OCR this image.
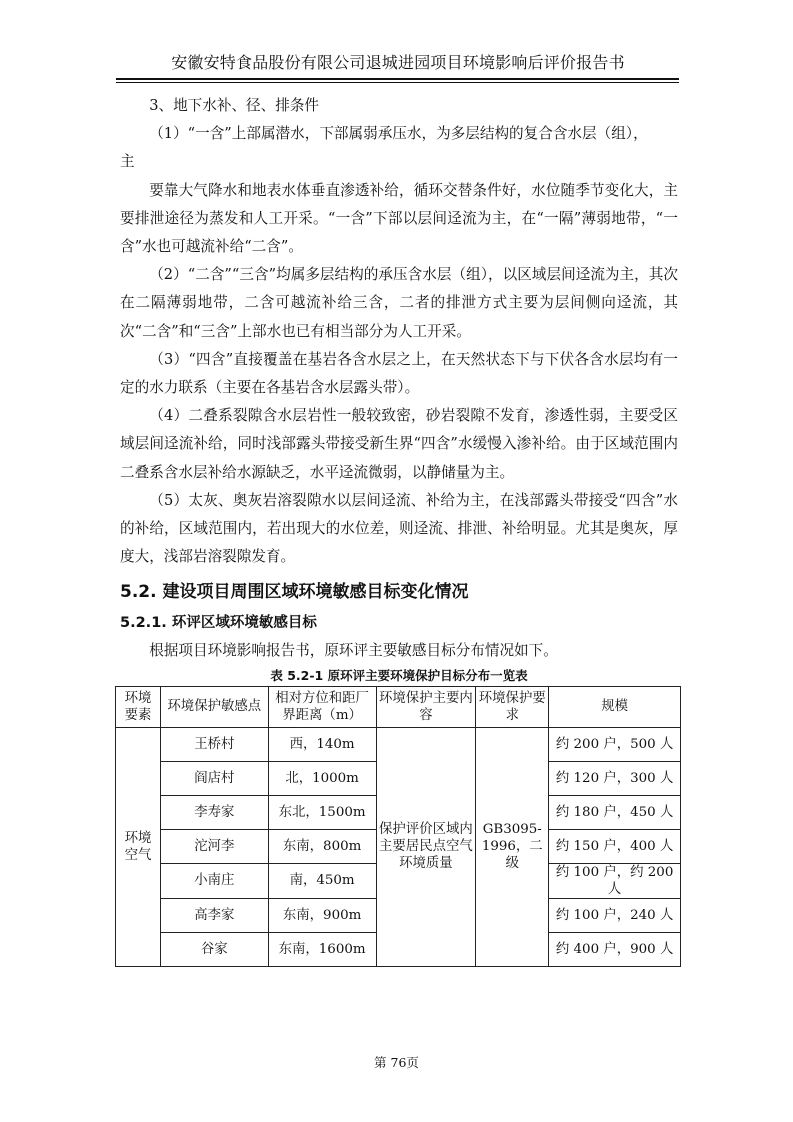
安徽安特食品股份有限公司退城进园项目环境影响后评价报告书

3、地下水补、径、排条件

（1）“一含”上部属潜水，下部属弱承压水，为多层结构的复合含水层（组），

主

要靠大气降水和地表水体垂直渗透补给，循环交替条件好，水位随季节变化大，主要排泄途径为蒸发和人工开采。“一含”下部以层间迳流为主，在“一隔”薄弱地带，“一含”水也可越流补给“二含”。

（2）“二含”“三含”均属多层结构的承压含水层（组），以区域层间迳流为主，其次在二隔薄弱地带，二含可越流补给三含，二者的排泄方式主要为层间侧向迳流，其次“二含”和“三含”上部水也已有相当部分为人工开采。

（3）“四含”直接覆盖在基岩各含水层之上，在天然状态下与下伏各含水层均有一定的水力联系（主要在各基岩含水层露头带）。

（4）二叠系裂隙含水层岩性一般较致密，砂岩裂隙不发育，渗透性弱，主要受区域层间迳流补给，同时浅部露头带接受新生界“四含”水缓慢入渗补给。由于区域范围内二叠系含水层补给水源缺乏，水平迳流微弱，以静储量为主。

（5）太灰、奥灰岩溶裂隙水以层间迳流、补给为主，在浅部露头带接受“四含”水的补给，区域范围内，若出现大的水位差，则迳流、排泄、补给明显。尤其是奥灰，厚度大，浅部岩溶裂隙发育。

5.2. 建设项目周围区域环境敏感目标变化情况
5.2.1. 环评区域环境敏感目标

根据项目环境影响报告书，原环评主要敏感目标分布情况如下。

表 5.2-1 原环评主要环境保护目标分布一览表
环境要素	环境保护敏感点	相对方位和距厂界距离（m）	环境保护主要内容	环境保护要求	规模
环境空气	王桥村	西，140m	保护评价区域内主要居民点空气环境质量	GB3095-1996，二级	约 200 户，500 人
	阎店村	北，1000m			约 120 户，300 人
	李寿家	东北，1500m			约 180 户，450 人
	沱河李	东南，800m			约 150 户，400 人
	小南庄	南，450m			约 100 户，约 200 人
	高李家	东南，900m			约 100 户，240 人
	谷家	东南，1600m			约 400 户，900 人
第 76页
